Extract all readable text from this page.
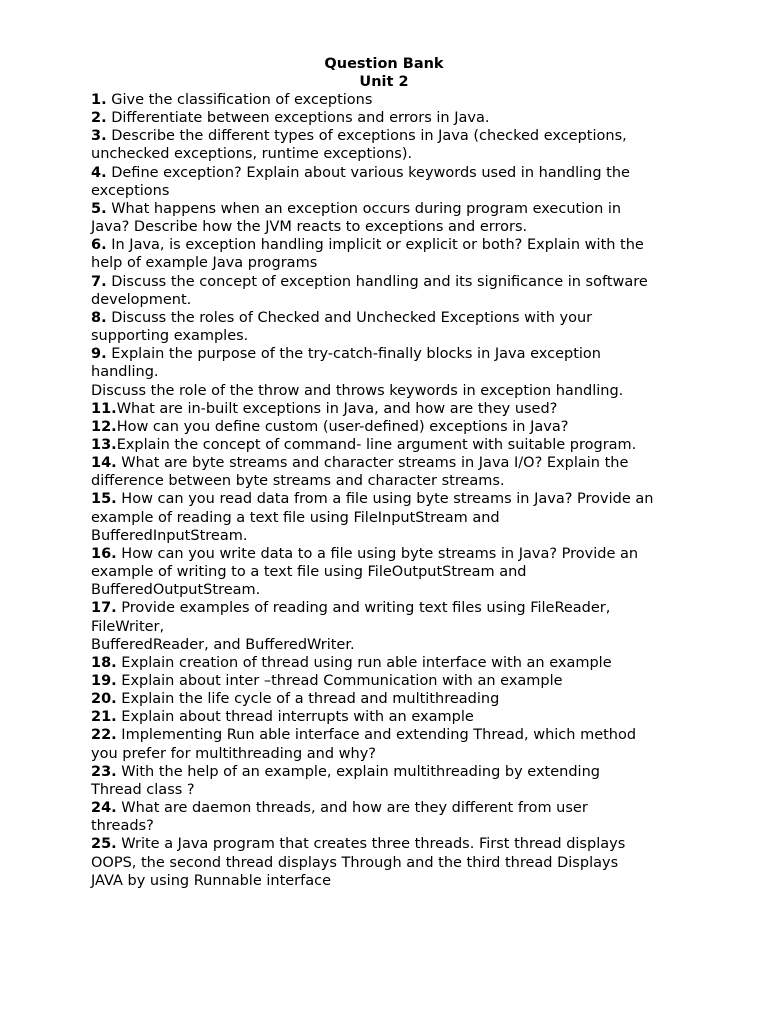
Question Bank
Unit 2
1. Give the classification of exceptions
2. Differentiate between exceptions and errors in Java.
3. Describe the different types of exceptions in Java (checked exceptions,
unchecked exceptions, runtime exceptions).
4. Define exception? Explain about various keywords used in handling the
exceptions
5. What happens when an exception occurs during program execution in
Java? Describe how the JVM reacts to exceptions and errors.
6. In Java, is exception handling implicit or explicit or both? Explain with the
help of example Java programs
7. Discuss the concept of exception handling and its significance in software
development.
8. Discuss the roles of Checked and Unchecked Exceptions with your
supporting examples.
9. Explain the purpose of the try-catch-finally blocks in Java exception
handling.
Discuss the role of the throw and throws keywords in exception handling.
11.What are in-built exceptions in Java, and how are they used?
12.How can you define custom (user-defined) exceptions in Java?
13.Explain the concept of command- line argument with suitable program.
14. What are byte streams and character streams in Java I/O? Explain the
difference between byte streams and character streams.
15. How can you read data from a file using byte streams in Java? Provide an
example of reading a text file using FileInputStream and
BufferedInputStream.
16. How can you write data to a file using byte streams in Java? Provide an
example of writing to a text file using FileOutputStream and
BufferedOutputStream.
17. Provide examples of reading and writing text files using FileReader,
FileWriter,
BufferedReader, and BufferedWriter.
18. Explain creation of thread using run able interface with an example
19. Explain about inter –thread Communication with an example
20. Explain the life cycle of a thread and multithreading
21. Explain about thread interrupts with an example
22. Implementing Run able interface and extending Thread, which method
you prefer for multithreading and why?
23. With the help of an example, explain multithreading by extending
Thread class ?
24. What are daemon threads, and how are they different from user
threads?
25. Write a Java program that creates three threads. First thread displays
OOPS, the second thread displays Through and the third thread Displays
JAVA by using Runnable interface
